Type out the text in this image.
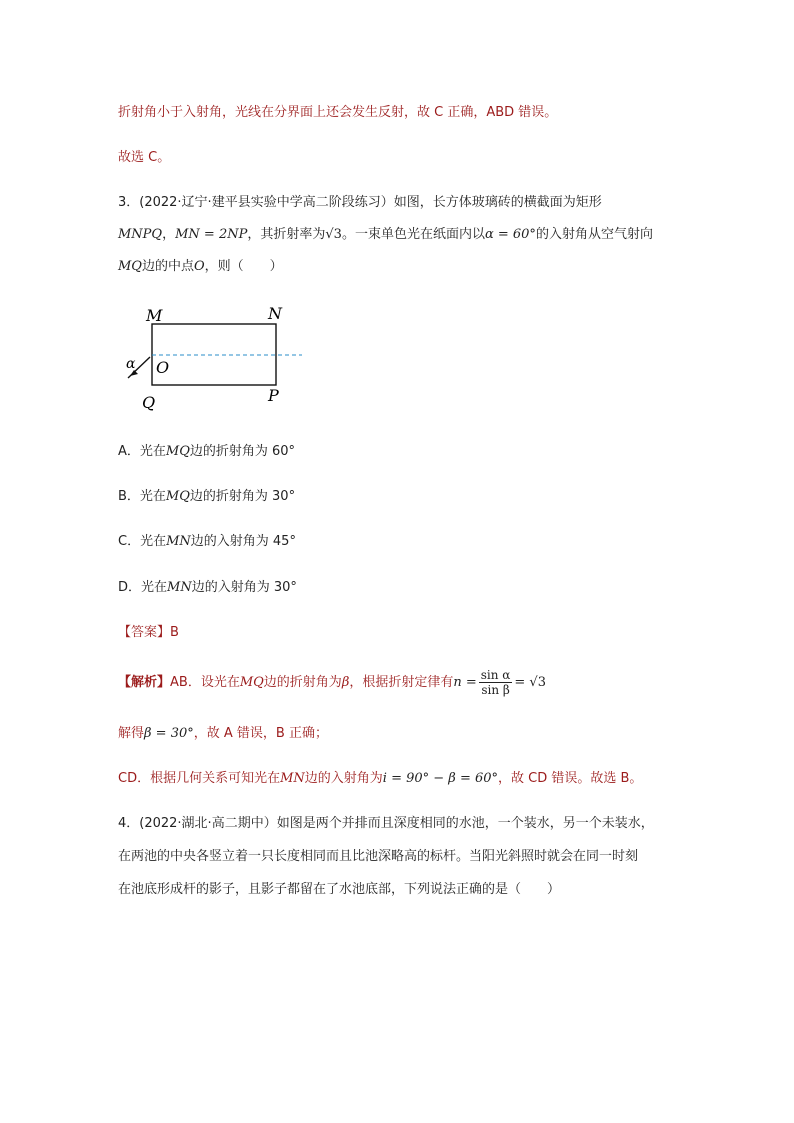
折射角小于入射角，光线在分界面上还会发生反射，故 C 正确，ABD 错误。
故选 C。
3．(2022·辽宁·建平县实验中学高二阶段练习）如图，长方体玻璃砖的横截面为矩形
MNPQ，MN = 2NP，其折射率为√3。一束单色光在纸面内以α = 60°的入射角从空气射向
MQ边的中点O，则（　　）
M	N
P
Q
O
α
A．光在MQ边的折射角为 60°
B．光在MQ边的折射角为 30°
C．光在MN边的入射角为 45°
D．光在MN边的入射角为 30°
【答案】B
【解析】AB．设光在MQ边的折射角为β，根据折射定律有$n = \frac{\text{sin α}}{\text{sin β}} = √3$
解得β = 30°，故 A 错误，B 正确；
CD．根据几何关系可知光在MN边的入射角为i = 90° − β = 60°，故 CD 错误。故选 B。
4．(2022·湖北·高二期中）如图是两个并排而且深度相同的水池，一个装水，另一个未装水，
在两池的中央各竖立着一只长度相同而且比池深略高的标杆。当阳光斜照时就会在同一时刻
在池底形成杆的影子，且影子都留在了水池底部，下列说法正确的是（　　）
